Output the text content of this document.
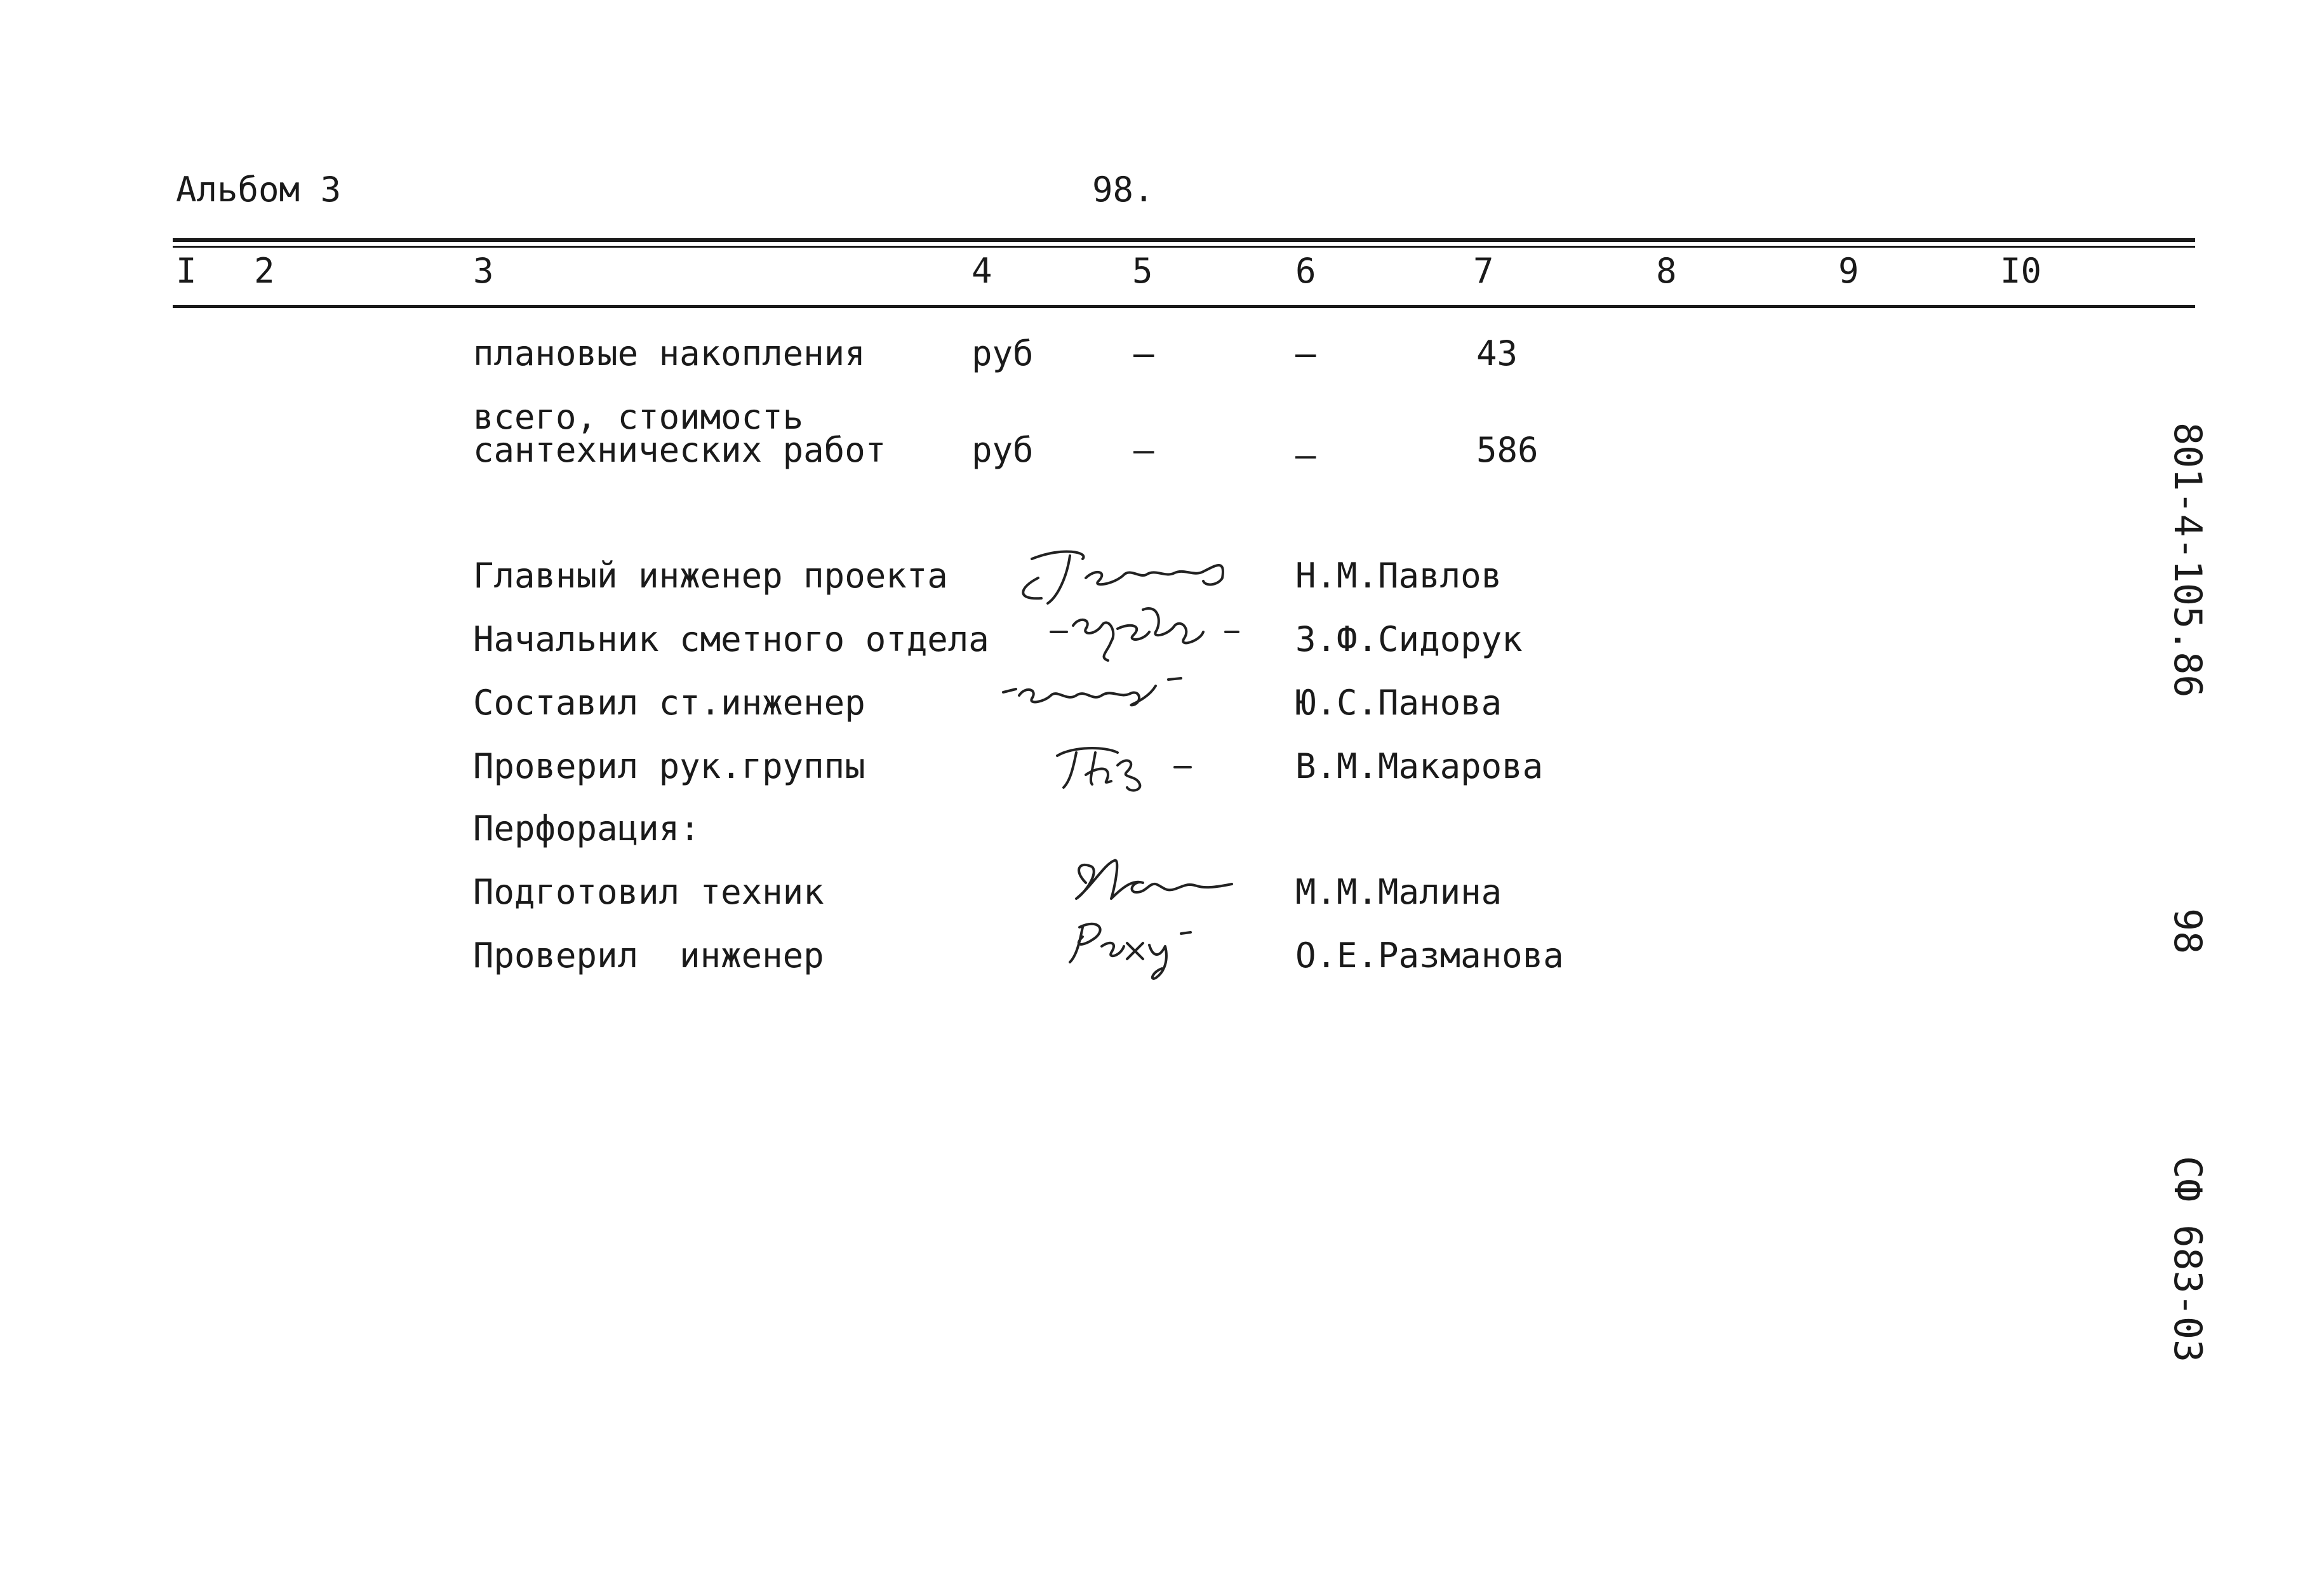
Альбом 3	98.
I 2	3	4	5	6	7	8	9	I0
плановые накопления	руб	–	–	43
всего, стоимость
сантехнических работ руб	–	–	586
Главный инженер проекта	Н.М.Павлов
Начальник сметного отдела	З.Ф.Сидорук
Составил ст.инженер	Ю.С.Панова
Проверил рук.группы	В.М.Макарова
Перфорация:
Подготовил техник	М.М.Малина
Проверил  инженер	О.Е.Разманова
801-4-105.86
98
СФ 683-03
